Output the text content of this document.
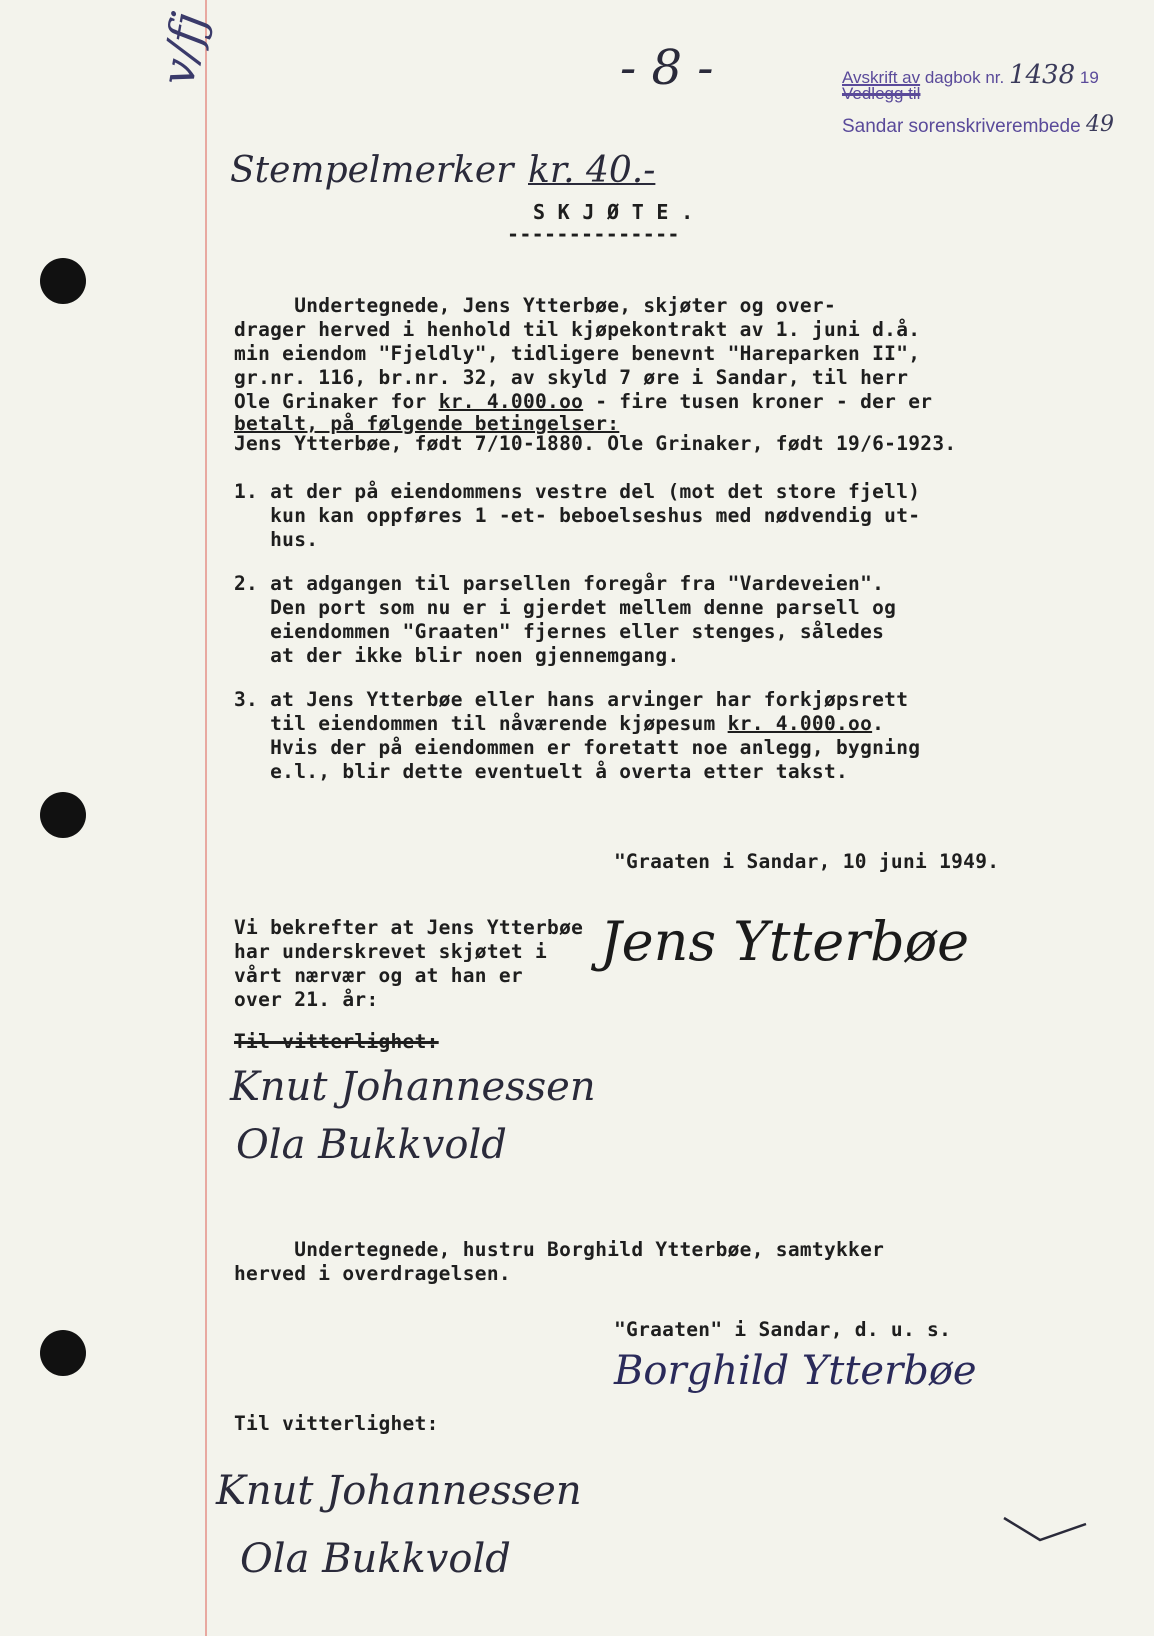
- 8 -	Avskrift av dagbok nr. 1438 19
Vedlegg til
Sandar sorenskriverembede 49
v/fj
Stempelmerker kr. 40.-
S K J Ø T E .
--------------
Undertegnede, Jens Ytterbøe, skjøter og over-
drager herved i henhold til kjøpekontrakt av 1. juni d.å.
min eiendom "Fjeldly", tidligere benevnt "Hareparken II",
gr.nr. 116, br.nr. 32, av skyld 7 øre i Sandar, til herr
Ole Grinaker for kr. 4.000.oo - fire tusen kroner - der er
betalt, på følgende betingelser:
Jens Ytterbøe, født 7/10-1880. Ole Grinaker, født 19/6-1923.
1. at der på eiendommens vestre del (mot det store fjell)
kun kan oppføres 1 -et- beboelseshus med nødvendig ut-
hus.
2. at adgangen til parsellen foregår fra "Vardeveien".
Den port som nu er i gjerdet mellem denne parsell og
eiendommen "Graaten" fjernes eller stenges, således
at der ikke blir noen gjennemgang.
3. at Jens Ytterbøe eller hans arvinger har forkjøpsrett
til eiendommen til nåværende kjøpesum kr. 4.000.oo.
Hvis der på eiendommen er foretatt noe anlegg, bygning
e.l., blir dette eventuelt å overta etter takst.
"Graaten i Sandar, 10 juni 1949.
Vi bekrefter at Jens Ytterbøe
har underskrevet skjøtet i
vårt nærvær og at han er
over 21. år:
Jens Ytterbøe
Til vitterlighet:
Knut Johannessen
Ola Bukkvold
Undertegnede, hustru Borghild Ytterbøe, samtykker
herved i overdragelsen.
"Graaten" i Sandar, d. u. s.
Borghild Ytterbøe
Til vitterlighet:
Knut Johannessen
Ola Bukkvold
